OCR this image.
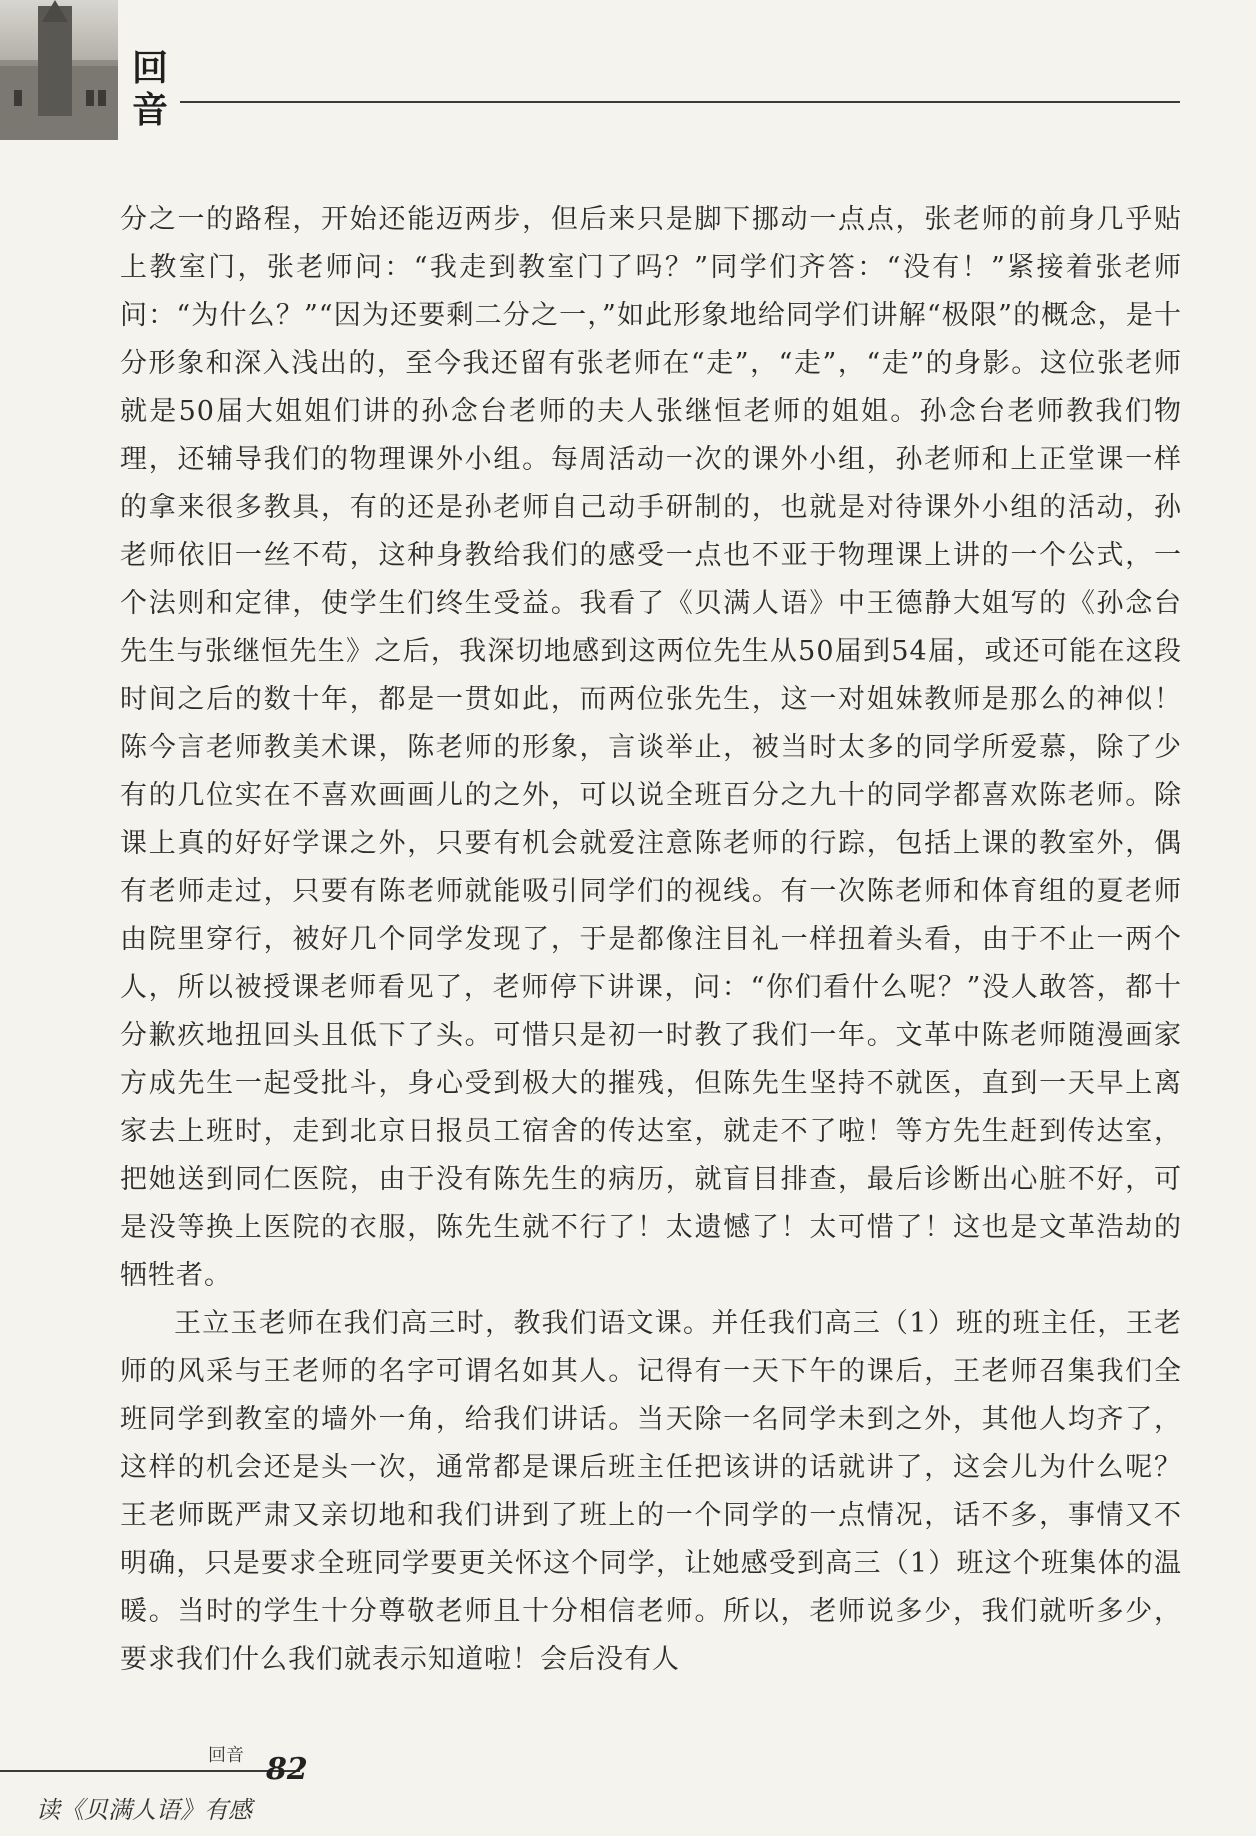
回
音

分之一的路程，开始还能迈两步，但后来只是脚下挪动一点点，张老师的前身几乎贴上教室门，张老师问：“我走到教室门了吗？”同学们齐答：“没有！”紧接着张老师问：“为什么？”“因为还要剩二分之一，”如此形象地给同学们讲解“极限”的概念，是十分形象和深入浅出的，至今我还留有张老师在“走”，“走”，“走”的身影。这位张老师就是50届大姐姐们讲的孙念台老师的夫人张继恒老师的姐姐。孙念台老师教我们物理，还辅导我们的物理课外小组。每周活动一次的课外小组，孙老师和上正堂课一样的拿来很多教具，有的还是孙老师自己动手研制的，也就是对待课外小组的活动，孙老师依旧一丝不苟，这种身教给我们的感受一点也不亚于物理课上讲的一个公式，一个法则和定律，使学生们终生受益。我看了《贝满人语》中王德静大姐写的《孙念台先生与张继恒先生》之后，我深切地感到这两位先生从50届到54届，或还可能在这段时间之后的数十年，都是一贯如此，而两位张先生，这一对姐妹教师是那么的神似！陈今言老师教美术课，陈老师的形象，言谈举止，被当时太多的同学所爱慕，除了少有的几位实在不喜欢画画儿的之外，可以说全班百分之九十的同学都喜欢陈老师。除课上真的好好学课之外，只要有机会就爱注意陈老师的行踪，包括上课的教室外，偶有老师走过，只要有陈老师就能吸引同学们的视线。有一次陈老师和体育组的夏老师由院里穿行，被好几个同学发现了，于是都像注目礼一样扭着头看，由于不止一两个人，所以被授课老师看见了，老师停下讲课，问：“你们看什么呢？”没人敢答，都十分歉疚地扭回头且低下了头。可惜只是初一时教了我们一年。文革中陈老师随漫画家方成先生一起受批斗，身心受到极大的摧残，但陈先生坚持不就医，直到一天早上离家去上班时，走到北京日报员工宿舍的传达室，就走不了啦！等方先生赶到传达室，把她送到同仁医院，由于没有陈先生的病历，就盲目排查，最后诊断出心脏不好，可是没等换上医院的衣服，陈先生就不行了！太遗憾了！太可惜了！这也是文革浩劫的牺牲者。

王立玉老师在我们高三时，教我们语文课。并任我们高三（1）班的班主任，王老师的风采与王老师的名字可谓名如其人。记得有一天下午的课后，王老师召集我们全班同学到教室的墙外一角，给我们讲话。当天除一名同学未到之外，其他人均齐了，这样的机会还是头一次，通常都是课后班主任把该讲的话就讲了，这会儿为什么呢？王老师既严肃又亲切地和我们讲到了班上的一个同学的一点情况，话不多，事情又不明确，只是要求全班同学要更关怀这个同学，让她感受到高三（1）班这个班集体的温暖。当时的学生十分尊敬老师且十分相信老师。所以，老师说多少，我们就听多少，要求我们什么我们就表示知道啦！会后没有人

回音 82
读《贝满人语》有感
